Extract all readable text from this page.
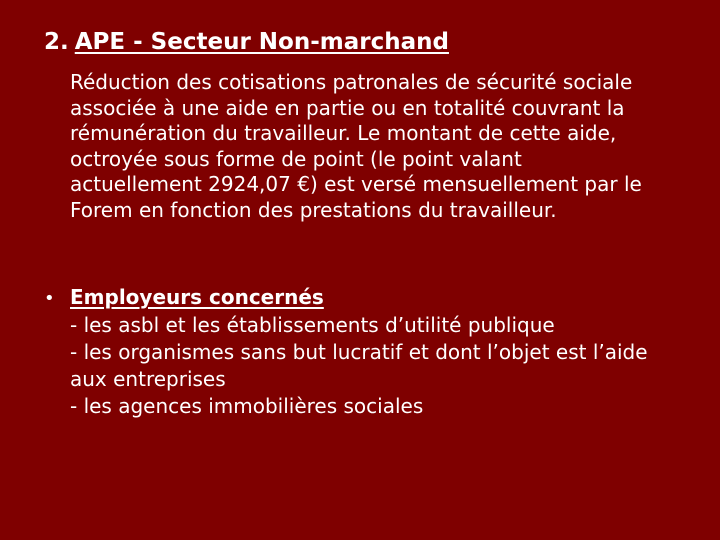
2. APE - Secteur Non-marchand
Réduction des cotisations patronales de sécurité sociale
associée à une aide en partie ou en totalité couvrant la
rémunération du travailleur. Le montant de cette aide,
octroyée sous forme de point (le point valant
actuellement 2924,07 €) est versé mensuellement par le
Forem en fonction des prestations du travailleur.
• Employeurs concernés
- les asbl et les établissements d’utilité publique
- les organismes sans but lucratif et dont l’objet est l’aide
aux entreprises
- les agences immobilières sociales
